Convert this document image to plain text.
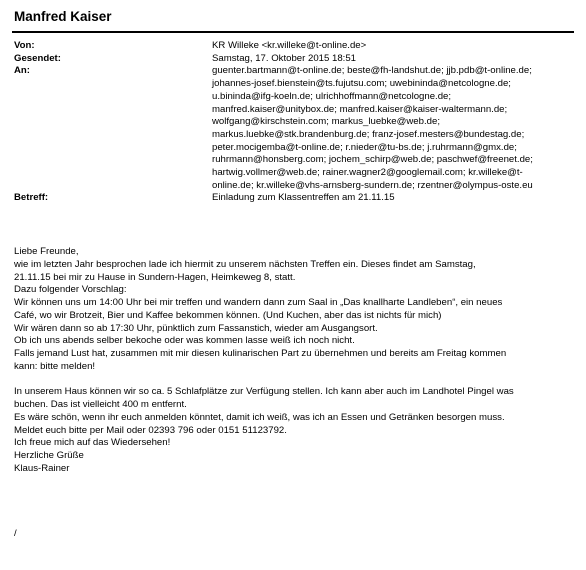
Manfred Kaiser
Von:	KR Willeke <kr.willeke@t-online.de>
Gesendet:	Samstag, 17. Oktober 2015 18:51
An:	guenter.bartmann@t-online.de; beste@fh-landshut.de; jjb.pdb@t-online.de;
johannes-josef.bienstein@ts.fujutsu.com; uwebininda@netcologne.de;
u.bininda@ifg-koeln.de; ulrichhoffmann@netcologne.de;
manfred.kaiser@unitybox.de; manfred.kaiser@kaiser-waltermann.de;
wolfgang@kirschstein.com; markus_luebke@web.de;
markus.luebke@stk.brandenburg.de; franz-josef.mesters@bundestag.de;
peter.mocigemba@t-online.de; r.nieder@tu-bs.de; j.ruhrmann@gmx.de;
ruhrmann@honsberg.com; jochem_schirp@web.de; paschwef@freenet.de;
hartwig.vollmer@web.de; rainer.wagner2@googlemail.com; kr.willeke@t-
online.de; kr.willeke@vhs-arnsberg-sundern.de; rzentner@olympus-oste.eu
Betreff:	Einladung zum Klassentreffen am 21.11.15
Liebe Freunde,
wie im letzten Jahr besprochen lade ich hiermit zu unserem nächsten Treffen ein. Dieses findet am Samstag,
21.11.15 bei mir zu Hause in Sundern-Hagen, Heimkeweg 8, statt.
Dazu folgender Vorschlag:
Wir können uns um 14:00 Uhr bei mir treffen und wandern dann zum Saal in „Das knallharte Landleben“, ein neues
Café, wo wir Brotzeit, Bier und Kaffee bekommen können. (Und Kuchen, aber das ist nichts für mich)
Wir wären dann so ab 17:30 Uhr, pünktlich zum Fassanstich, wieder am Ausgangsort.
Ob ich uns abends selber bekoche oder was kommen lasse weiß ich noch nicht.
Falls jemand Lust hat, zusammen mit mir diesen kulinarischen Part zu übernehmen und bereits am Freitag kommen
kann: bitte melden!
In unserem Haus können wir so ca. 5 Schlafplätze zur Verfügung stellen. Ich kann aber auch im Landhotel Pingel was
buchen. Das ist vielleicht 400 m entfernt.
Es wäre schön, wenn ihr euch anmelden könntet, damit ich weiß, was ich an Essen und Getränken besorgen muss.
Meldet euch bitte per Mail oder 02393 796 oder 0151 51123792.
Ich freue mich auf das Wiedersehen!
Herzliche Grüße
Klaus-Rainer
/
